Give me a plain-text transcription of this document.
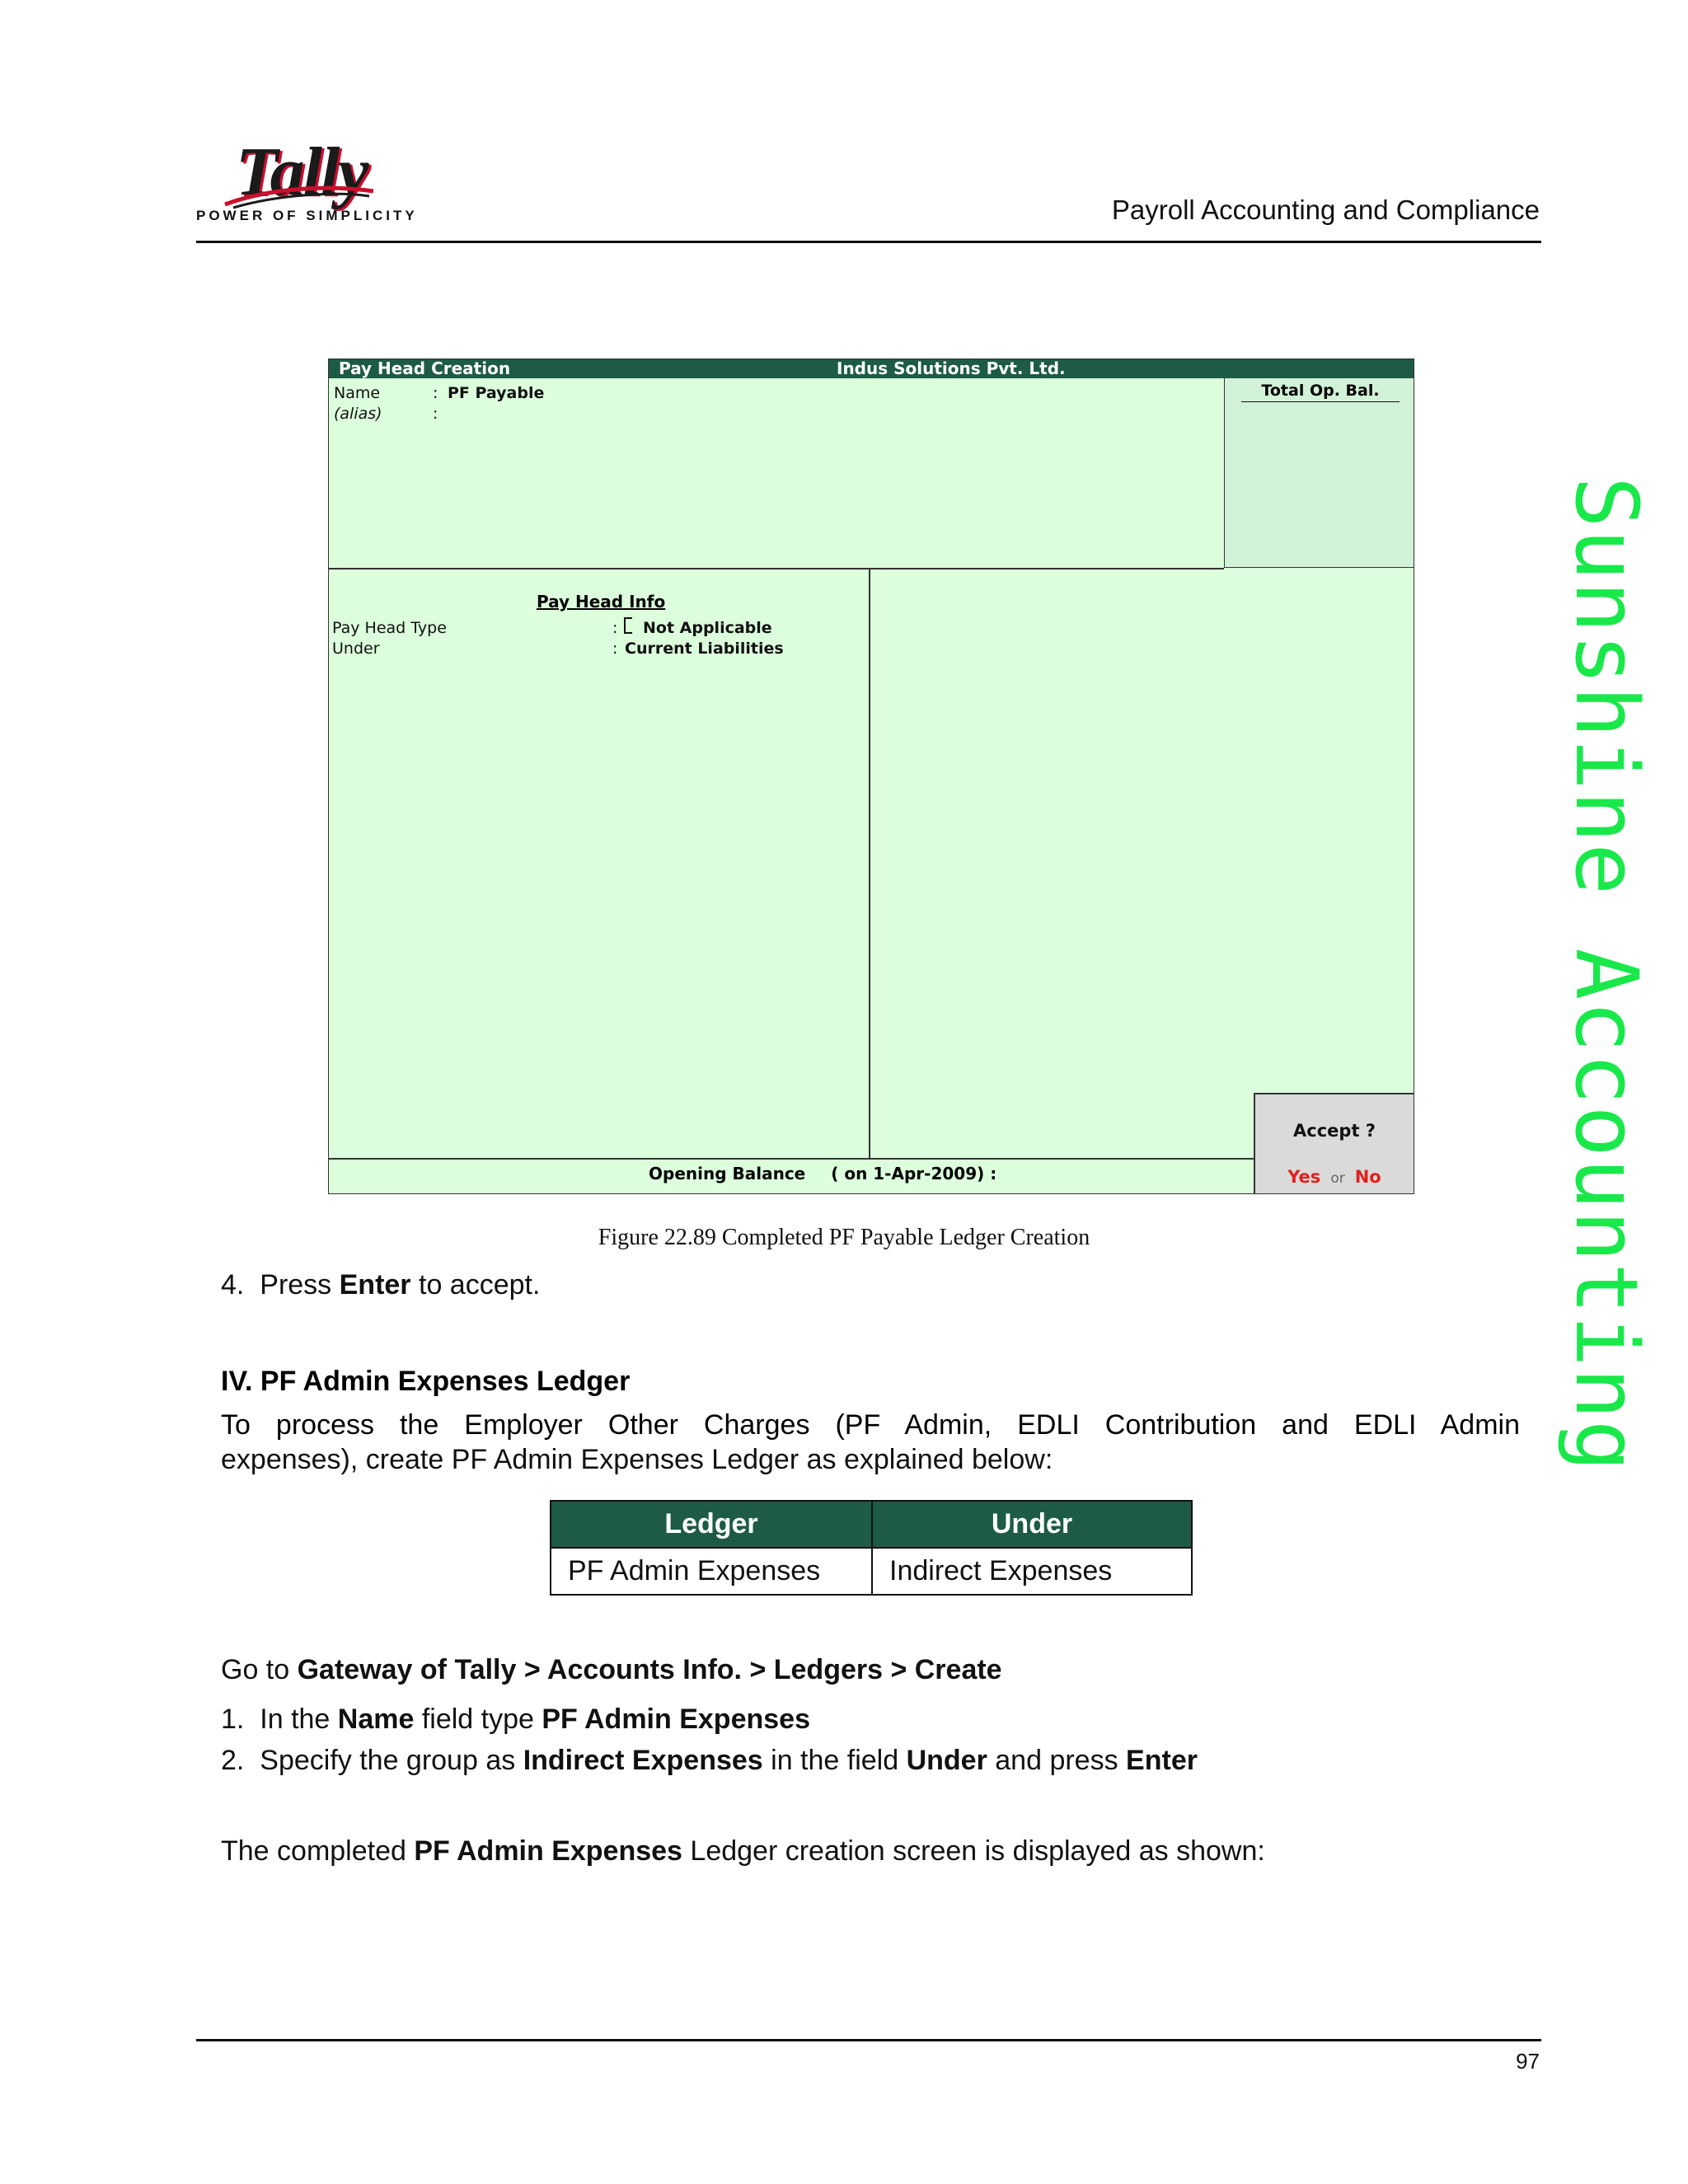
Tally
POWER OF SIMPLICITY	Payroll Accounting and Compliance
Pay Head Creation	Indus Solutions Pvt. Ltd.
Name	: PF Payable
(alias)	:
Total Op. Bal.
Pay Head Info
Pay Head Type	: Not Applicable
Under	: Current Liabilities
Opening Balance ( on 1-Apr-2009) :
Accept ?
Yes or No
Figure 22.89 Completed PF Payable Ledger Creation
4. Press Enter to accept.
IV. PF Admin Expenses Ledger
To process the Employer Other Charges (PF Admin, EDLI Contribution and EDLI Admin
expenses), create PF Admin Expenses Ledger as explained below:
Ledger	Under
PF Admin Expenses	Indirect Expenses
Go to Gateway of Tally > Accounts Info. > Ledgers > Create
1. In the Name field type PF Admin Expenses
2. Specify the group as Indirect Expenses in the field Under and press Enter
The completed PF Admin Expenses Ledger creation screen is displayed as shown:
97
Sunshine Accounting
